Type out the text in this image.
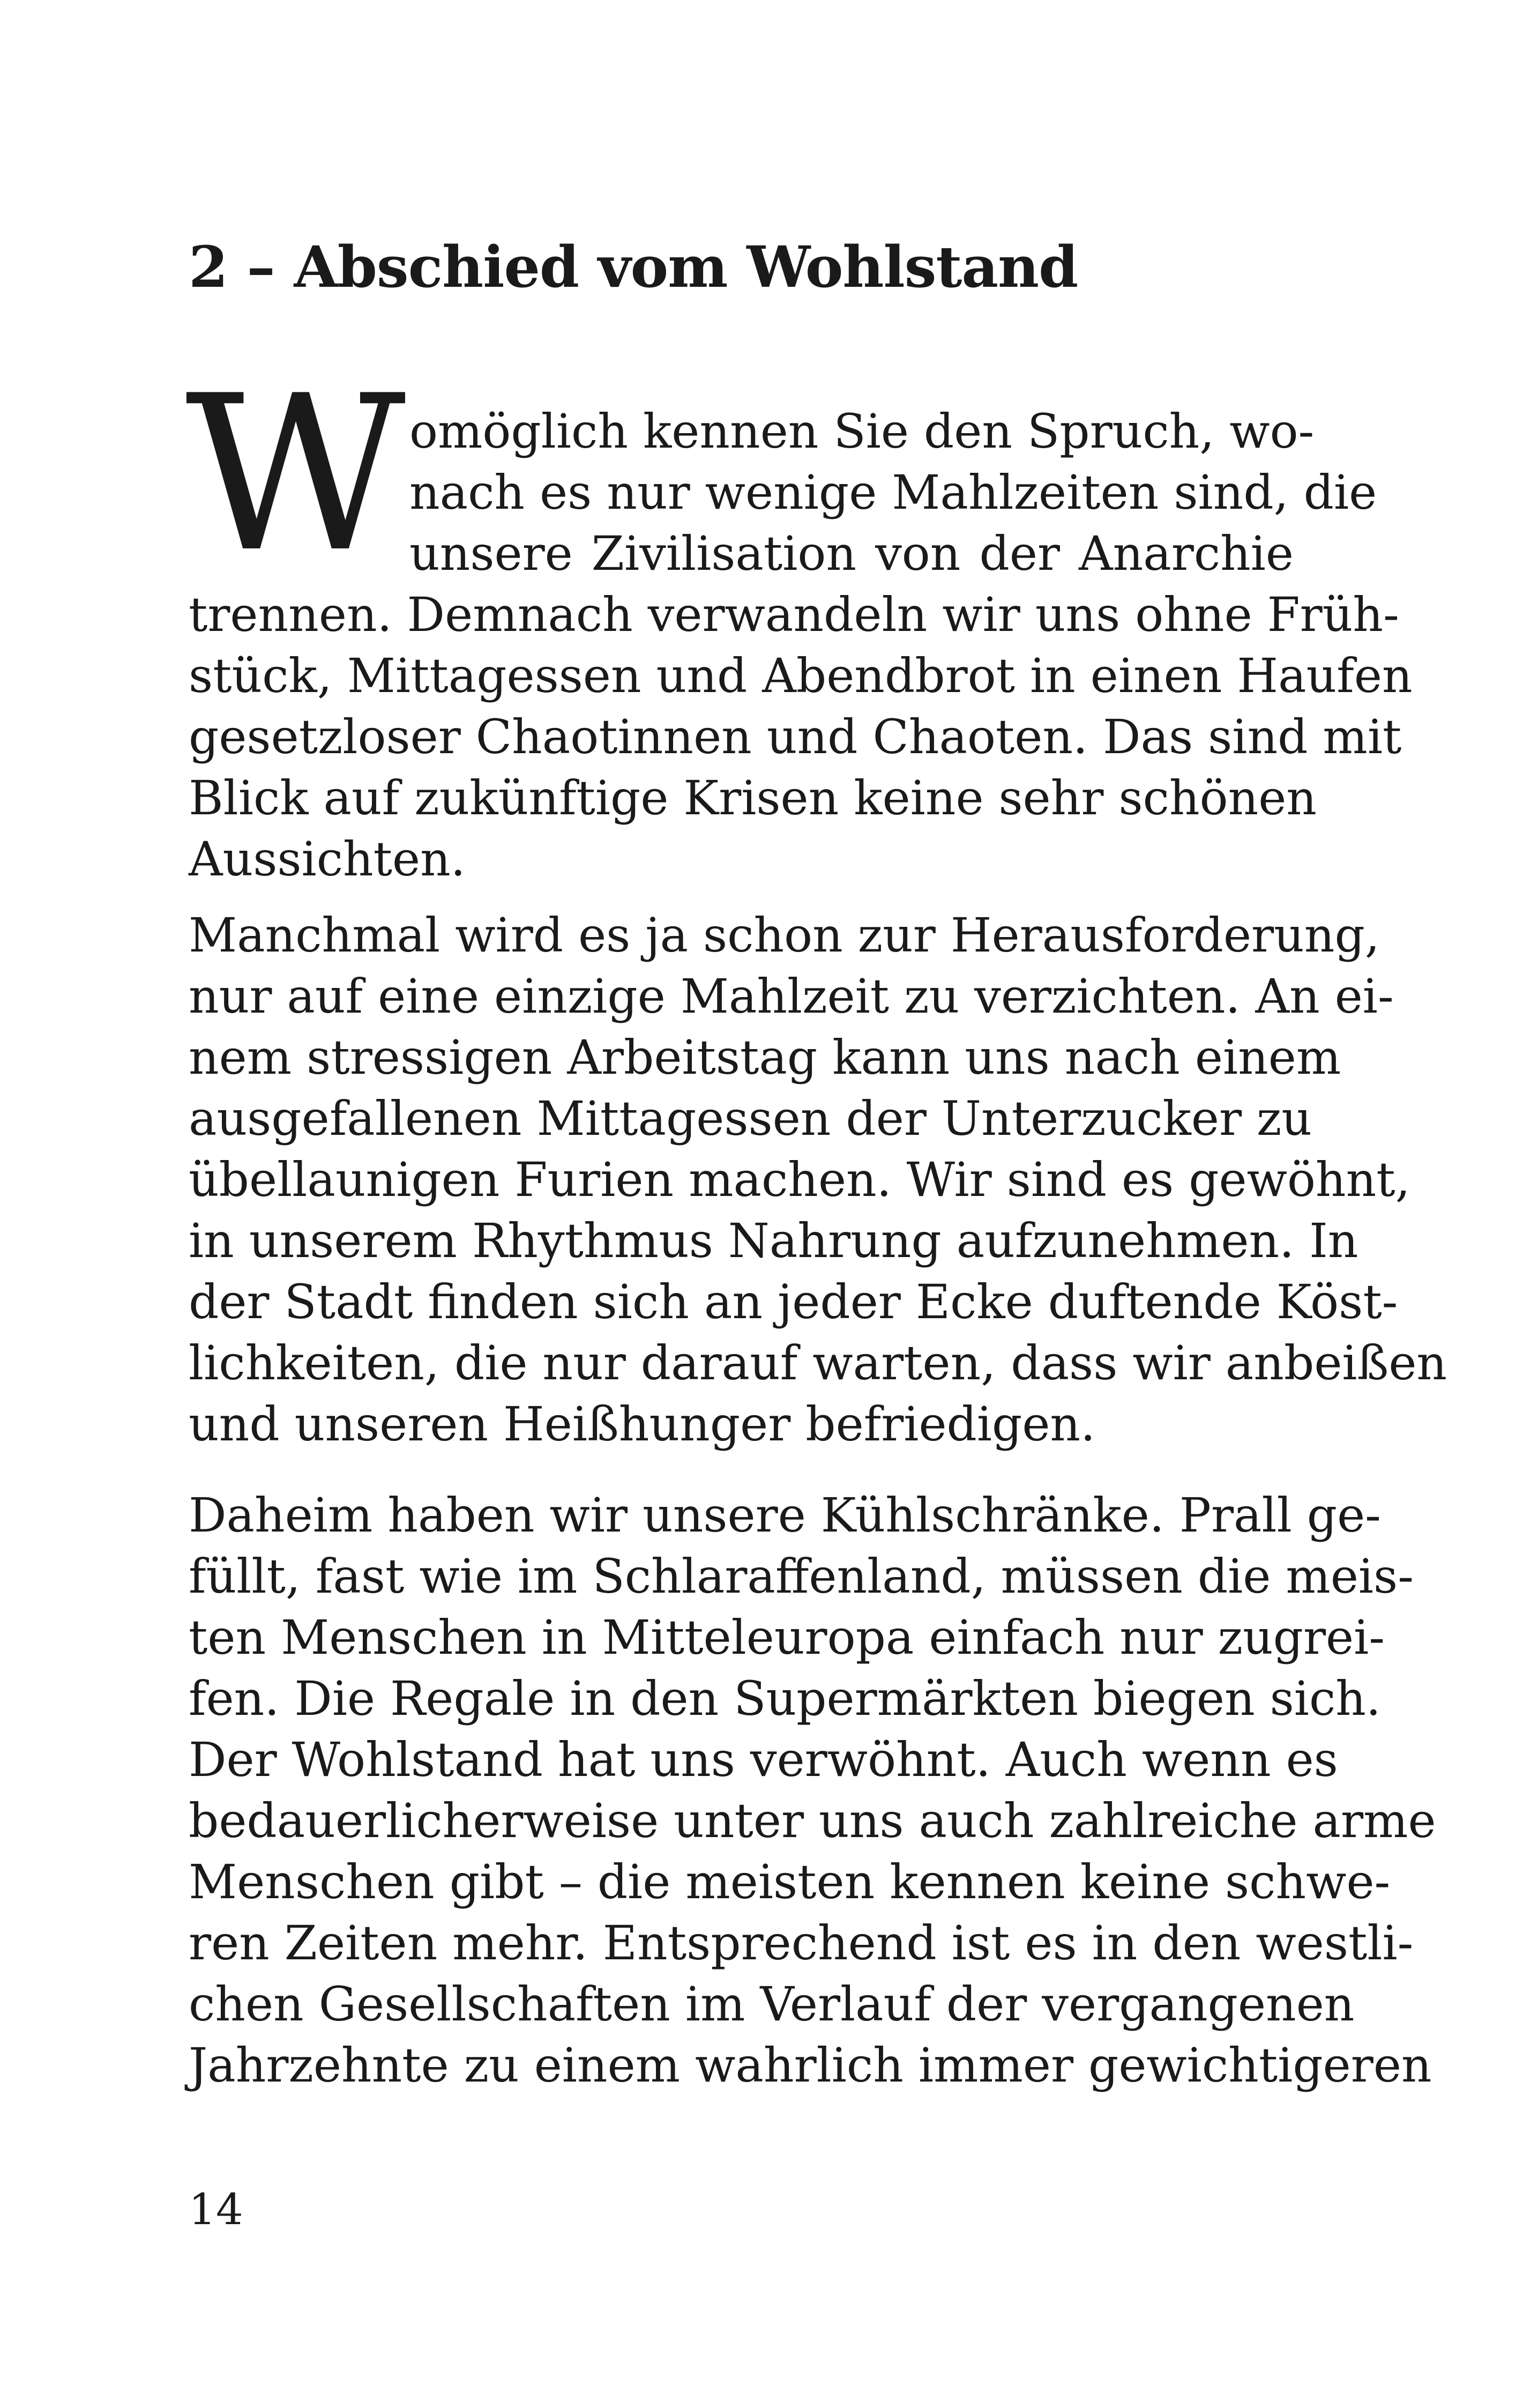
2 – Abschied vom Wohlstand
W omöglich kennen Sie den Spruch, wo-
nach es nur wenige Mahlzeiten sind, die
unsere Zivilisation von der Anarchie
trennen. Demnach verwandeln wir uns ohne Früh-
stück, Mittagessen und Abendbrot in einen Haufen
gesetzloser Chaotinnen und Chaoten. Das sind mit
Blick auf zukünftige Krisen keine sehr schönen
Aussichten.
Manchmal wird es ja schon zur Herausforderung,
nur auf eine einzige Mahlzeit zu verzichten. An ei-
nem stressigen Arbeitstag kann uns nach einem
ausgefallenen Mittagessen der Unterzucker zu
übellaunigen Furien machen. Wir sind es gewöhnt,
in unserem Rhythmus Nahrung aufzunehmen. In
der Stadt finden sich an jeder Ecke duftende Köst-
lichkeiten, die nur darauf warten, dass wir anbeißen
und unseren Heißhunger befriedigen.
Daheim haben wir unsere Kühlschränke. Prall ge-
füllt, fast wie im Schlaraffenland, müssen die meis-
ten Menschen in Mitteleuropa einfach nur zugrei-
fen. Die Regale in den Supermärkten biegen sich.
Der Wohlstand hat uns verwöhnt. Auch wenn es
bedauerlicherweise unter uns auch zahlreiche arme
Menschen gibt – die meisten kennen keine schwe-
ren Zeiten mehr. Entsprechend ist es in den westli-
chen Gesellschaften im Verlauf der vergangenen
Jahrzehnte zu einem wahrlich immer gewichtigeren
14
